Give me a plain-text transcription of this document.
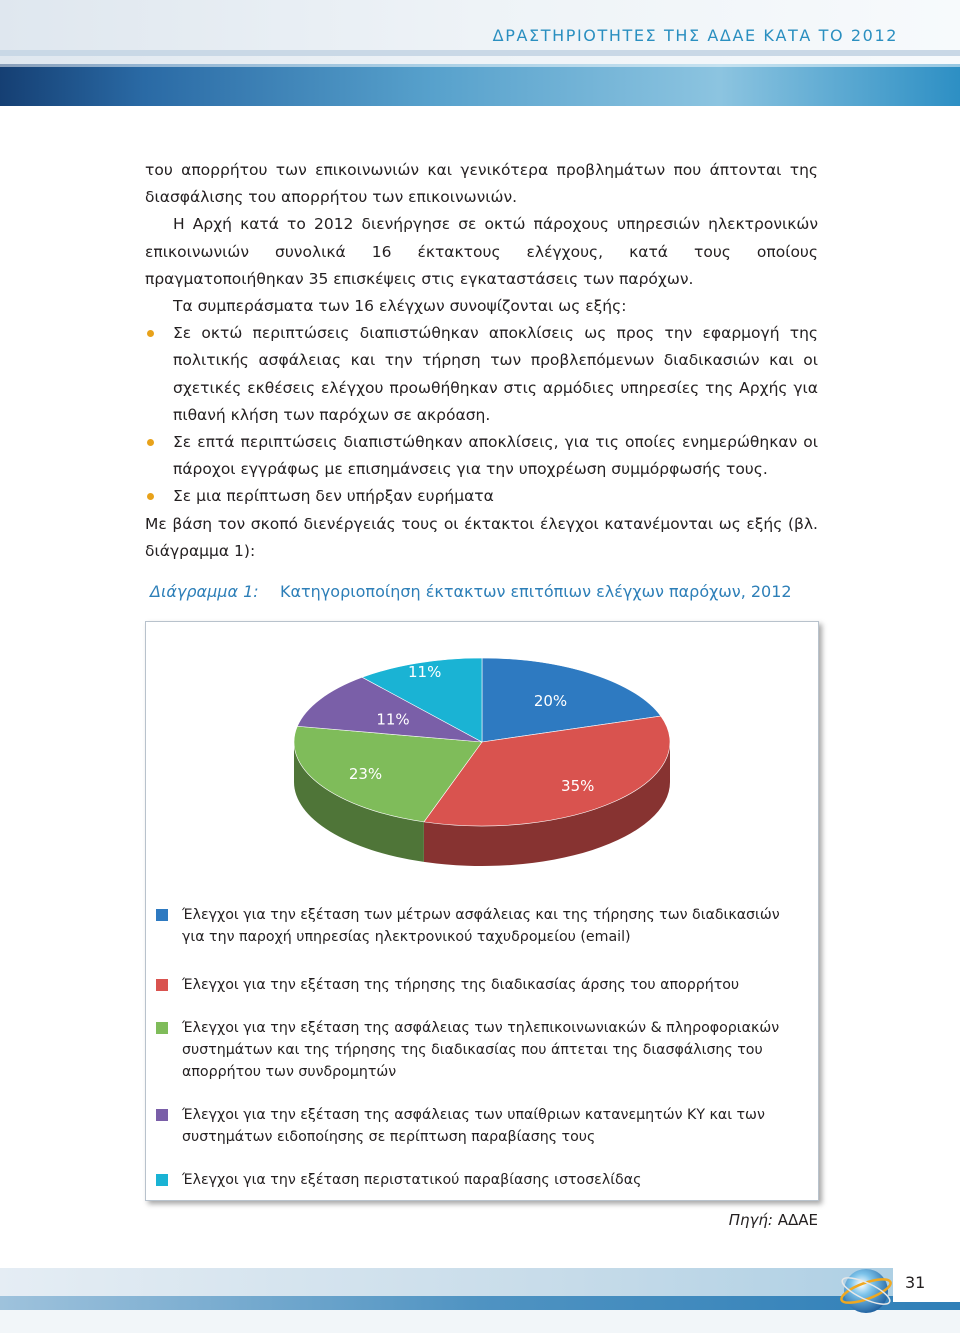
ΔΡΑΣΤΗΡΙΟΤΗΤΕΣ ΤΗΣ ΑΔΑΕ ΚΑΤΑ ΤΟ 2012

του απορρήτου των επικοινωνιών και γενικότερα προβλημάτων που άπτονται της διασφάλισης του απορρήτου των επικοινωνιών.

Η Αρχή κατά το 2012 διενήργησε σε οκτώ πάροχους υπηρεσιών ηλεκτρονικών επικοινωνιών συνολικά 16 έκτακτους ελέγχους, κατά τους οποίους πραγματοποιήθηκαν 35 επισκέψεις στις εγκαταστάσεις των παρόχων.

Τα συμπεράσματα των 16 ελέγχων συνοψίζονται ως εξής:

Σε οκτώ περιπτώσεις διαπιστώθηκαν αποκλίσεις ως προς την εφαρμογή της πολιτικής ασφάλειας και την τήρηση των προβλεπόμενων διαδικασιών και οι σχετικές εκθέσεις ελέγχου προωθήθηκαν στις αρμόδιες υπηρεσίες της Αρχής για πιθανή κλήση των παρόχων σε ακρόαση.
Σε επτά περιπτώσεις διαπιστώθηκαν αποκλίσεις, για τις οποίες ενημερώθηκαν οι πάροχοι εγγράφως με επισημάνσεις για την υποχρέωση συμμόρφωσής τους.
Σε μια περίπτωση δεν υπήρξαν ευρήματα

Με βάση τον σκοπό διενέργειάς τους οι έκτακτοι έλεγχοι κατανέμονται ως εξής (βλ. διάγραμμα 1):

Διάγραμμα 1: Κατηγοριοποίηση έκτακτων επιτόπιων ελέγχων παρόχων, 2012
20%
35%
23%
11%
11%
Έλεγχοι για την εξέταση των μέτρων ασφάλειας και της τήρησης των διαδικασιών για την παροχή υπηρεσίας ηλεκτρονικού ταχυδρομείου (email)
Έλεγχοι για την εξέταση της τήρησης της διαδικασίας άρσης του απορρήτου
Έλεγχοι για την εξέταση της ασφάλειας των τηλεπικοινωνιακών & πληροφοριακών συστημάτων και της τήρησης της διαδικασίας που άπτεται της διασφάλισης του απορρήτου των συνδρομητών
Έλεγχοι για την εξέταση της ασφάλειας των υπαίθριων κατανεμητών ΚΥ και των συστημάτων ειδοποίησης σε περίπτωση παραβίασης τους
Έλεγχοι για την εξέταση περιστατικού παραβίασης ιστοσελίδας
Πηγή: ΑΔΑΕ
31
